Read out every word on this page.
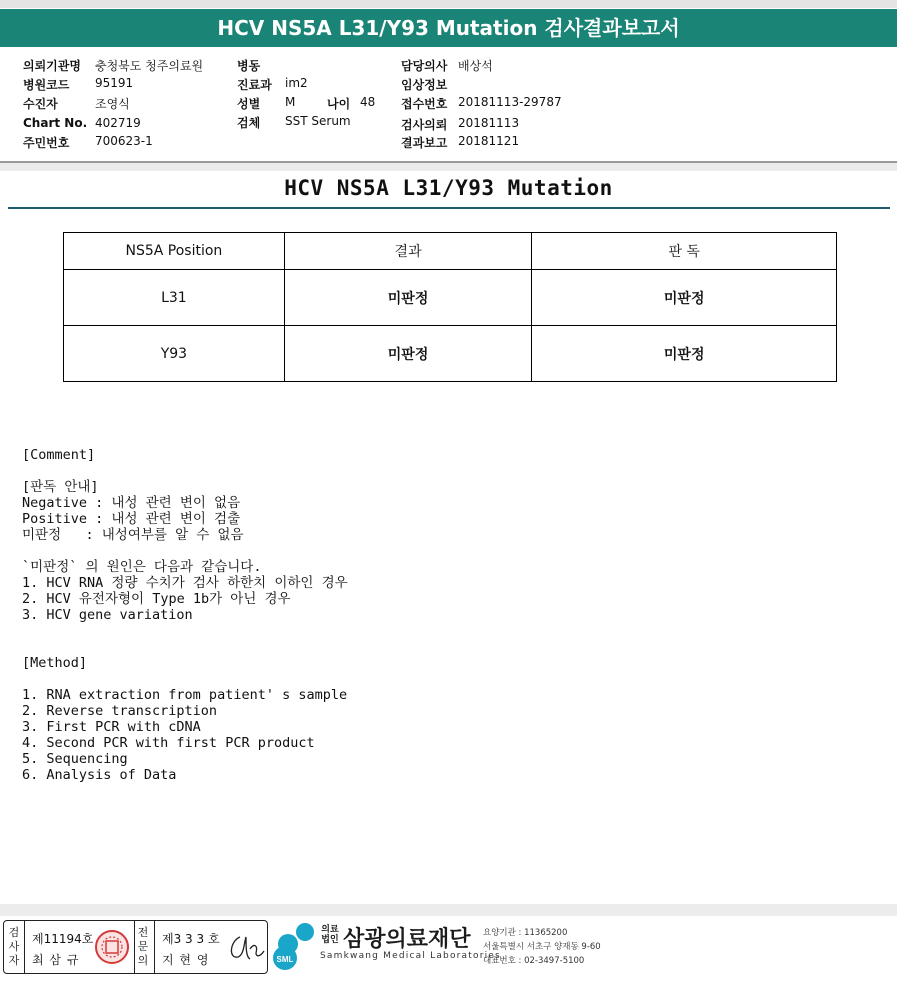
HCV NS5A L31/Y93 Mutation 검사결과보고서
의뢰기관명 충청북도 청주의료원	병동	담당의사 배상석
병원코드 95191	진료과 im2	임상정보
수진자	조영식	성별 M	나이 48 접수번호 20181113-29787
Chart No. 402719	검체 SST Serum	검사의뢰 20181113
주민번호 700623-1	결과보고 20181121
HCV NS5A L31/Y93 Mutation
NS5A Position	결과	판 독
L31	미판정	미판정
Y93	미판정	미판정
[Comment]

[판독 안내]
Negative : 내성 관련 변이 없음
Positive : 내성 관련 변이 검출
미판정   : 내성여부를 알 수 없음

`미판정` 의 원인은 다음과 같습니다.
1. HCV RNA 정량 수치가 검사 하한치 이하인 경우
2. HCV 유전자형이 Type 1b가 아닌 경우
3. HCV gene variation
[Method]

1. RNA extraction from patient' s sample
2. Reverse transcription
3. First PCR with cDNA
4. Second PCR with first PCR product
5. Sequencing
6. Analysis of Data
검사자
제11194호
최 삼 규
전문의
제3 3 3 호
지 현 영	SML
의료법인 삼광의료재단
Samkwang Medical Laboratories
요양기관 : 11365200
서울특별시 서초구 양재동 9-60
대표번호 : 02-3497-5100
